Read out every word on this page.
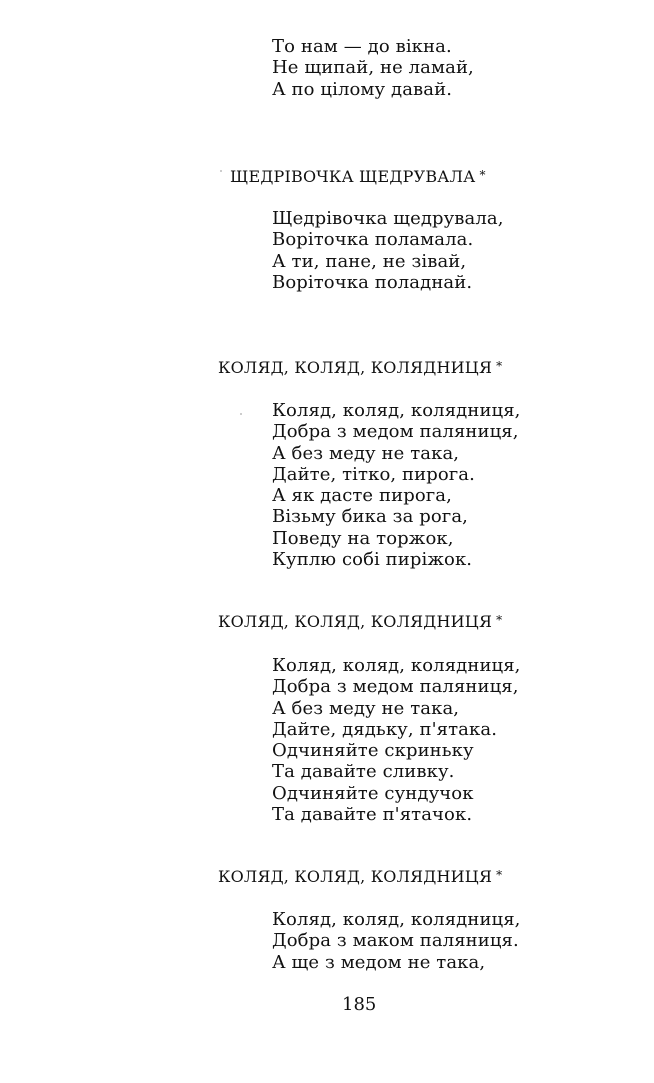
То нам — до вікна.
Не щипай, не ламай,
А по цілому давай.
ЩЕДРІВОЧКА ЩЕДРУВАЛА *
Щедрівочка щедрувала,
Воріточка поламала.
А ти, пане, не зівай,
Воріточка поладнай.
КОЛЯД, КОЛЯД, КОЛЯДНИЦЯ *
Коляд, коляд, колядниця,
Добра з медом паляниця,
А без меду не така,
Дайте, тітко, пирога.
А як дасте пирога,
Візьму бика за рога,
Поведу на торжок,
Куплю собі пиріжок.
КОЛЯД, КОЛЯД, КОЛЯДНИЦЯ *
Коляд, коляд, колядниця,
Добра з медом паляниця,
А без меду не така,
Дайте, дядьку, п'ятака.
Одчиняйте скриньку
Та давайте сливку.
Одчиняйте сундучок
Та давайте п'ятачок.
КОЛЯД, КОЛЯД, КОЛЯДНИЦЯ *
Коляд, коляд, колядниця,
Добра з маком паляниця.
А ще з медом не така,
185
